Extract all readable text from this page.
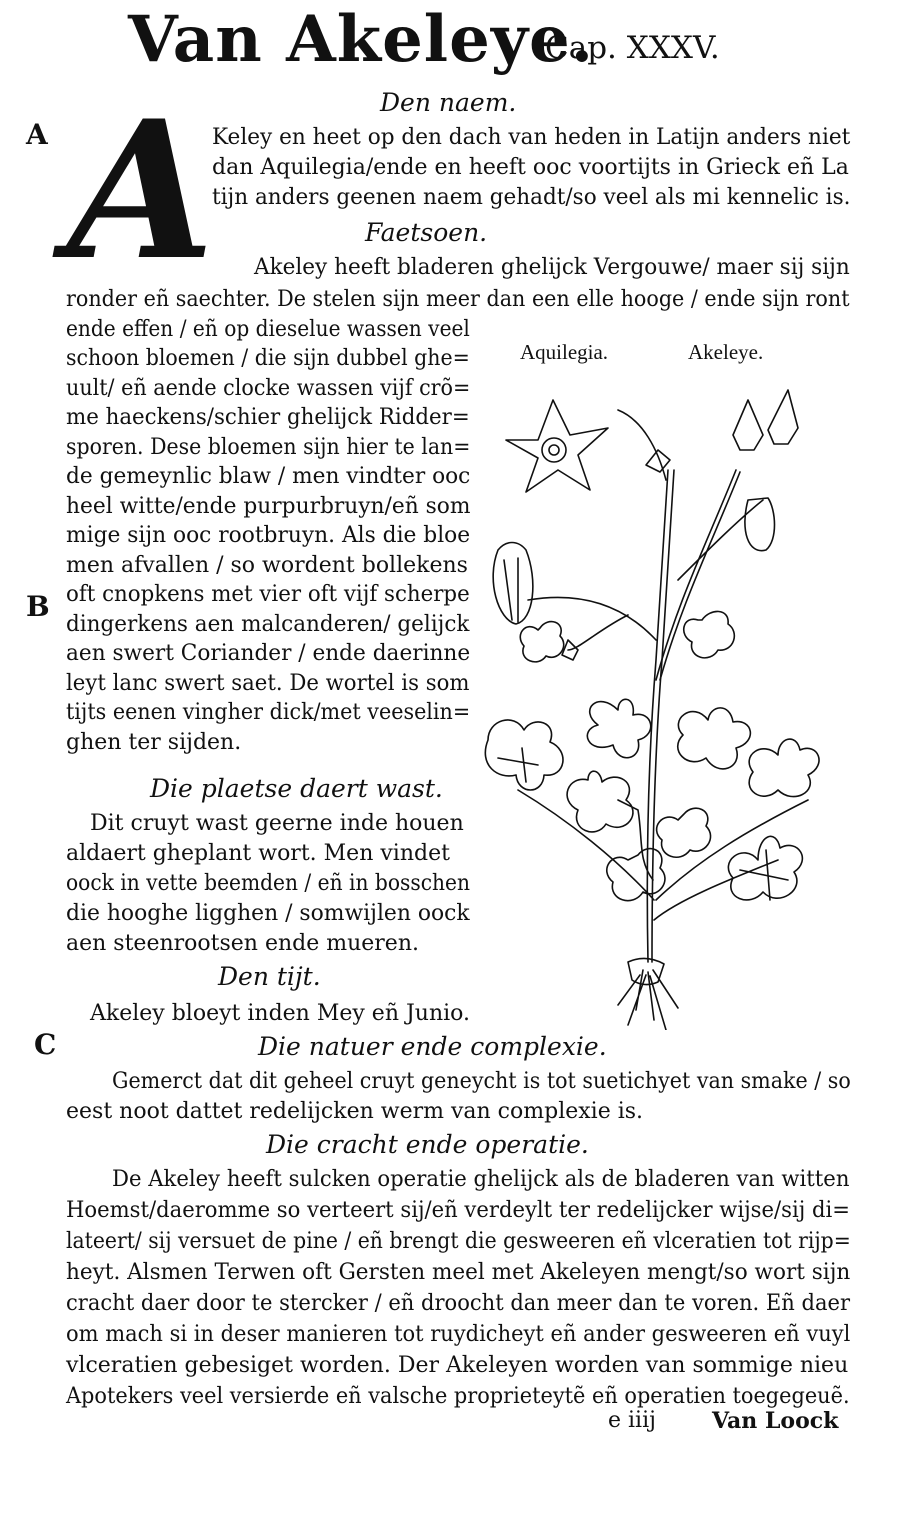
Van Akeleye.
Cap. XXXV.
A
B
C
Den naem.
A
Keley en heet op den dach van heden in Latijn anders niet
dan Aquilegia/ende en heeft ooc voortijts in Grieck eñ La
tijn anders geenen naem gehadt/so veel als mi kennelic is.
Faetsoen.
Akeley heeft bladeren ghelijck Vergouwe/ maer sij sijn
ronder eñ saechter. De stelen sijn meer dan een elle hooge / ende sijn ront
ende effen / eñ op dieselue wassen veel
schoon bloemen / die sijn dubbel ghe=
uult/ eñ aende clocke wassen vijf crõ=
me haeckens/schier ghelijck Ridder=
sporen. Dese bloemen sijn hier te lan=
de gemeynlic blaw / men vindter ooc
heel witte/ende purpurbruyn/eñ som
mige sijn ooc rootbruyn. Als die bloe
men afvallen / so wordent bollekens
oft cnopkens met vier oft vijf scherpe
dingerkens aen malcanderen/ gelijck
aen swert Coriander / ende daerinne
leyt lanc swert saet. De wortel is som
tijts eenen vingher dick/met veeselin=
ghen ter sijden.
Die plaetse daert wast.
Dit cruyt wast geerne inde houen
aldaert gheplant wort. Men vindet
oock in vette beemden / eñ in bosschen
die hooghe ligghen / somwijlen oock
aen steenrootsen ende mueren.
Den tijt.
Akeley bloeyt inden Mey eñ Junio.
Aquilegia.	Akeleye.
Die natuer ende complexie.
Gemerct dat dit geheel cruyt geneycht is tot suetichyet van smake / so
eest noot dattet redelijcken werm van complexie is.
Die cracht ende operatie.
De Akeley heeft sulcken operatie ghelijck als de bladeren van witten
Hoemst/daeromme so verteert sij/eñ verdeylt ter redelijcker wijse/sij di=
lateert/ sij versuet de pine / eñ brengt die gesweeren eñ vlceratien tot rijp=
heyt. Alsmen Terwen oft Gersten meel met Akeleyen mengt/so wort sijn
cracht daer door te stercker / eñ droocht dan meer dan te voren. Eñ daer
om mach si in deser manieren tot ruydicheyt eñ ander gesweeren eñ vuyl
vlceratien gebesiget worden. Der Akeleyen worden van sommige nieu
Apotekers veel versierde eñ valsche proprieteytẽ eñ operatien toegegeuẽ.
e iiij	Van Loock
